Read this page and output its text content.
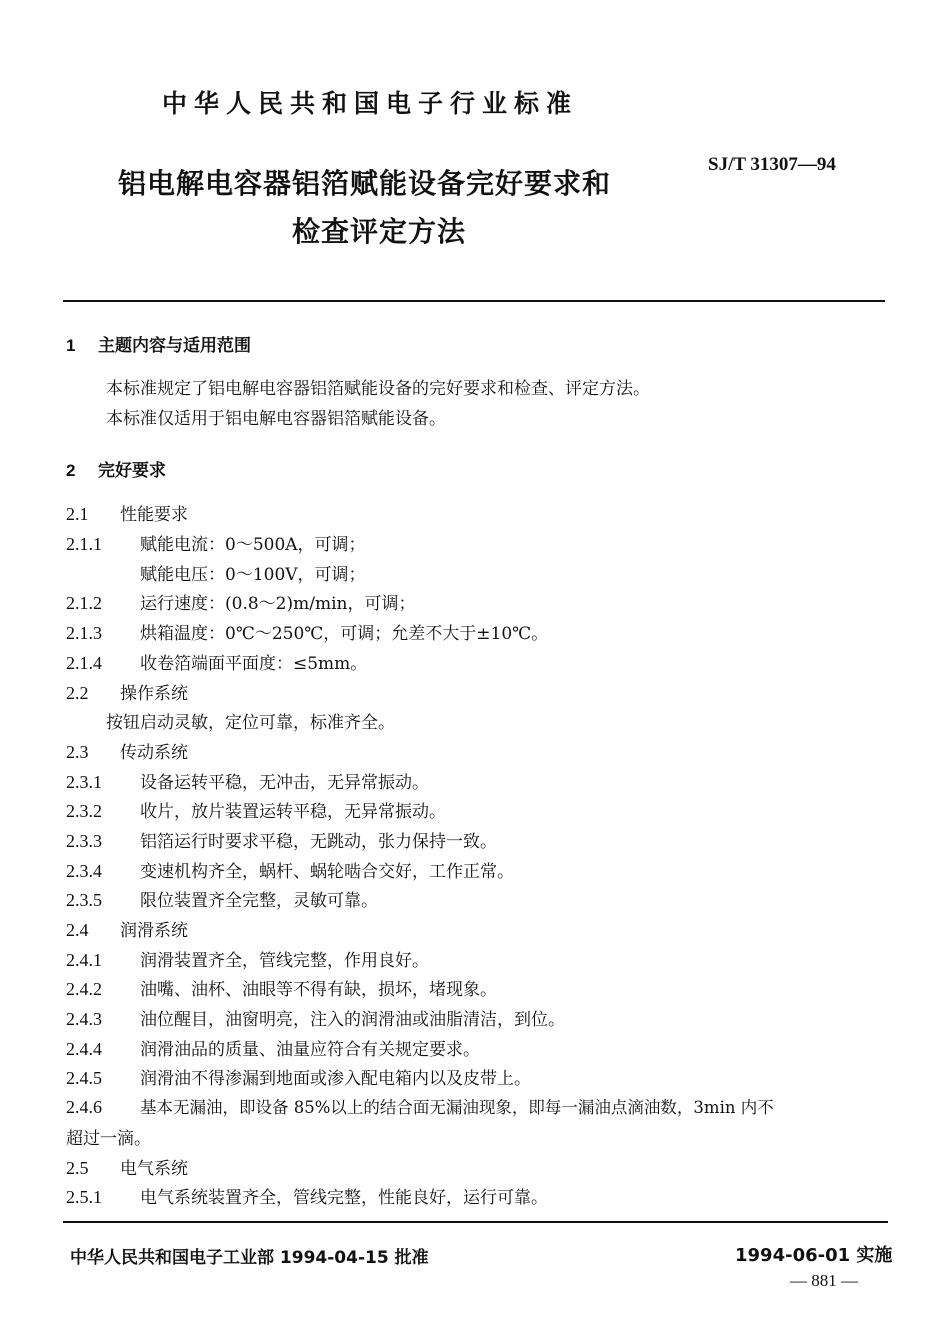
中华人民共和国电子行业标准
SJ/T 31307—94
铝电解电容器铝箔赋能设备完好要求和
检查评定方法
1 主题内容与适用范围
本标准规定了铝电解电容器铝箔赋能设备的完好要求和检查、评定方法。
本标准仅适用于铝电解电容器铝箔赋能设备。
2 完好要求
2.1 性能要求
2.1.1 赋能电流：0～500A，可调；
赋能电压：0～100V，可调；
2.1.2 运行速度：(0.8～2)m/min，可调；
2.1.3 烘箱温度：0℃～250℃，可调；允差不大于±10℃。
2.1.4 收卷箔端面平面度：≤5mm。
2.2 操作系统
按钮启动灵敏，定位可靠，标准齐全。
2.3 传动系统
2.3.1 设备运转平稳，无冲击，无异常振动。
2.3.2 收片，放片装置运转平稳，无异常振动。
2.3.3 铝箔运行时要求平稳，无跳动，张力保持一致。
2.3.4 变速机构齐全，蜗杆、蜗轮啮合交好，工作正常。
2.3.5 限位装置齐全完整，灵敏可靠。
2.4 润滑系统
2.4.1 润滑装置齐全，管线完整，作用良好。
2.4.2 油嘴、油杯、油眼等不得有缺，损坏，堵现象。
2.4.3 油位醒目，油窗明亮，注入的润滑油或油脂清洁，到位。
2.4.4 润滑油品的质量、油量应符合有关规定要求。
2.4.5 润滑油不得渗漏到地面或渗入配电箱内以及皮带上。
2.4.6 基本无漏油，即设备 85%以上的结合面无漏油现象，即每一漏油点滴油数，3min 内不
超过一滴。
2.5 电气系统
2.5.1 电气系统装置齐全，管线完整，性能良好，运行可靠。
中华人民共和国电子工业部 1994-04-15 批准	1994-06-01 实施
— 881 —
